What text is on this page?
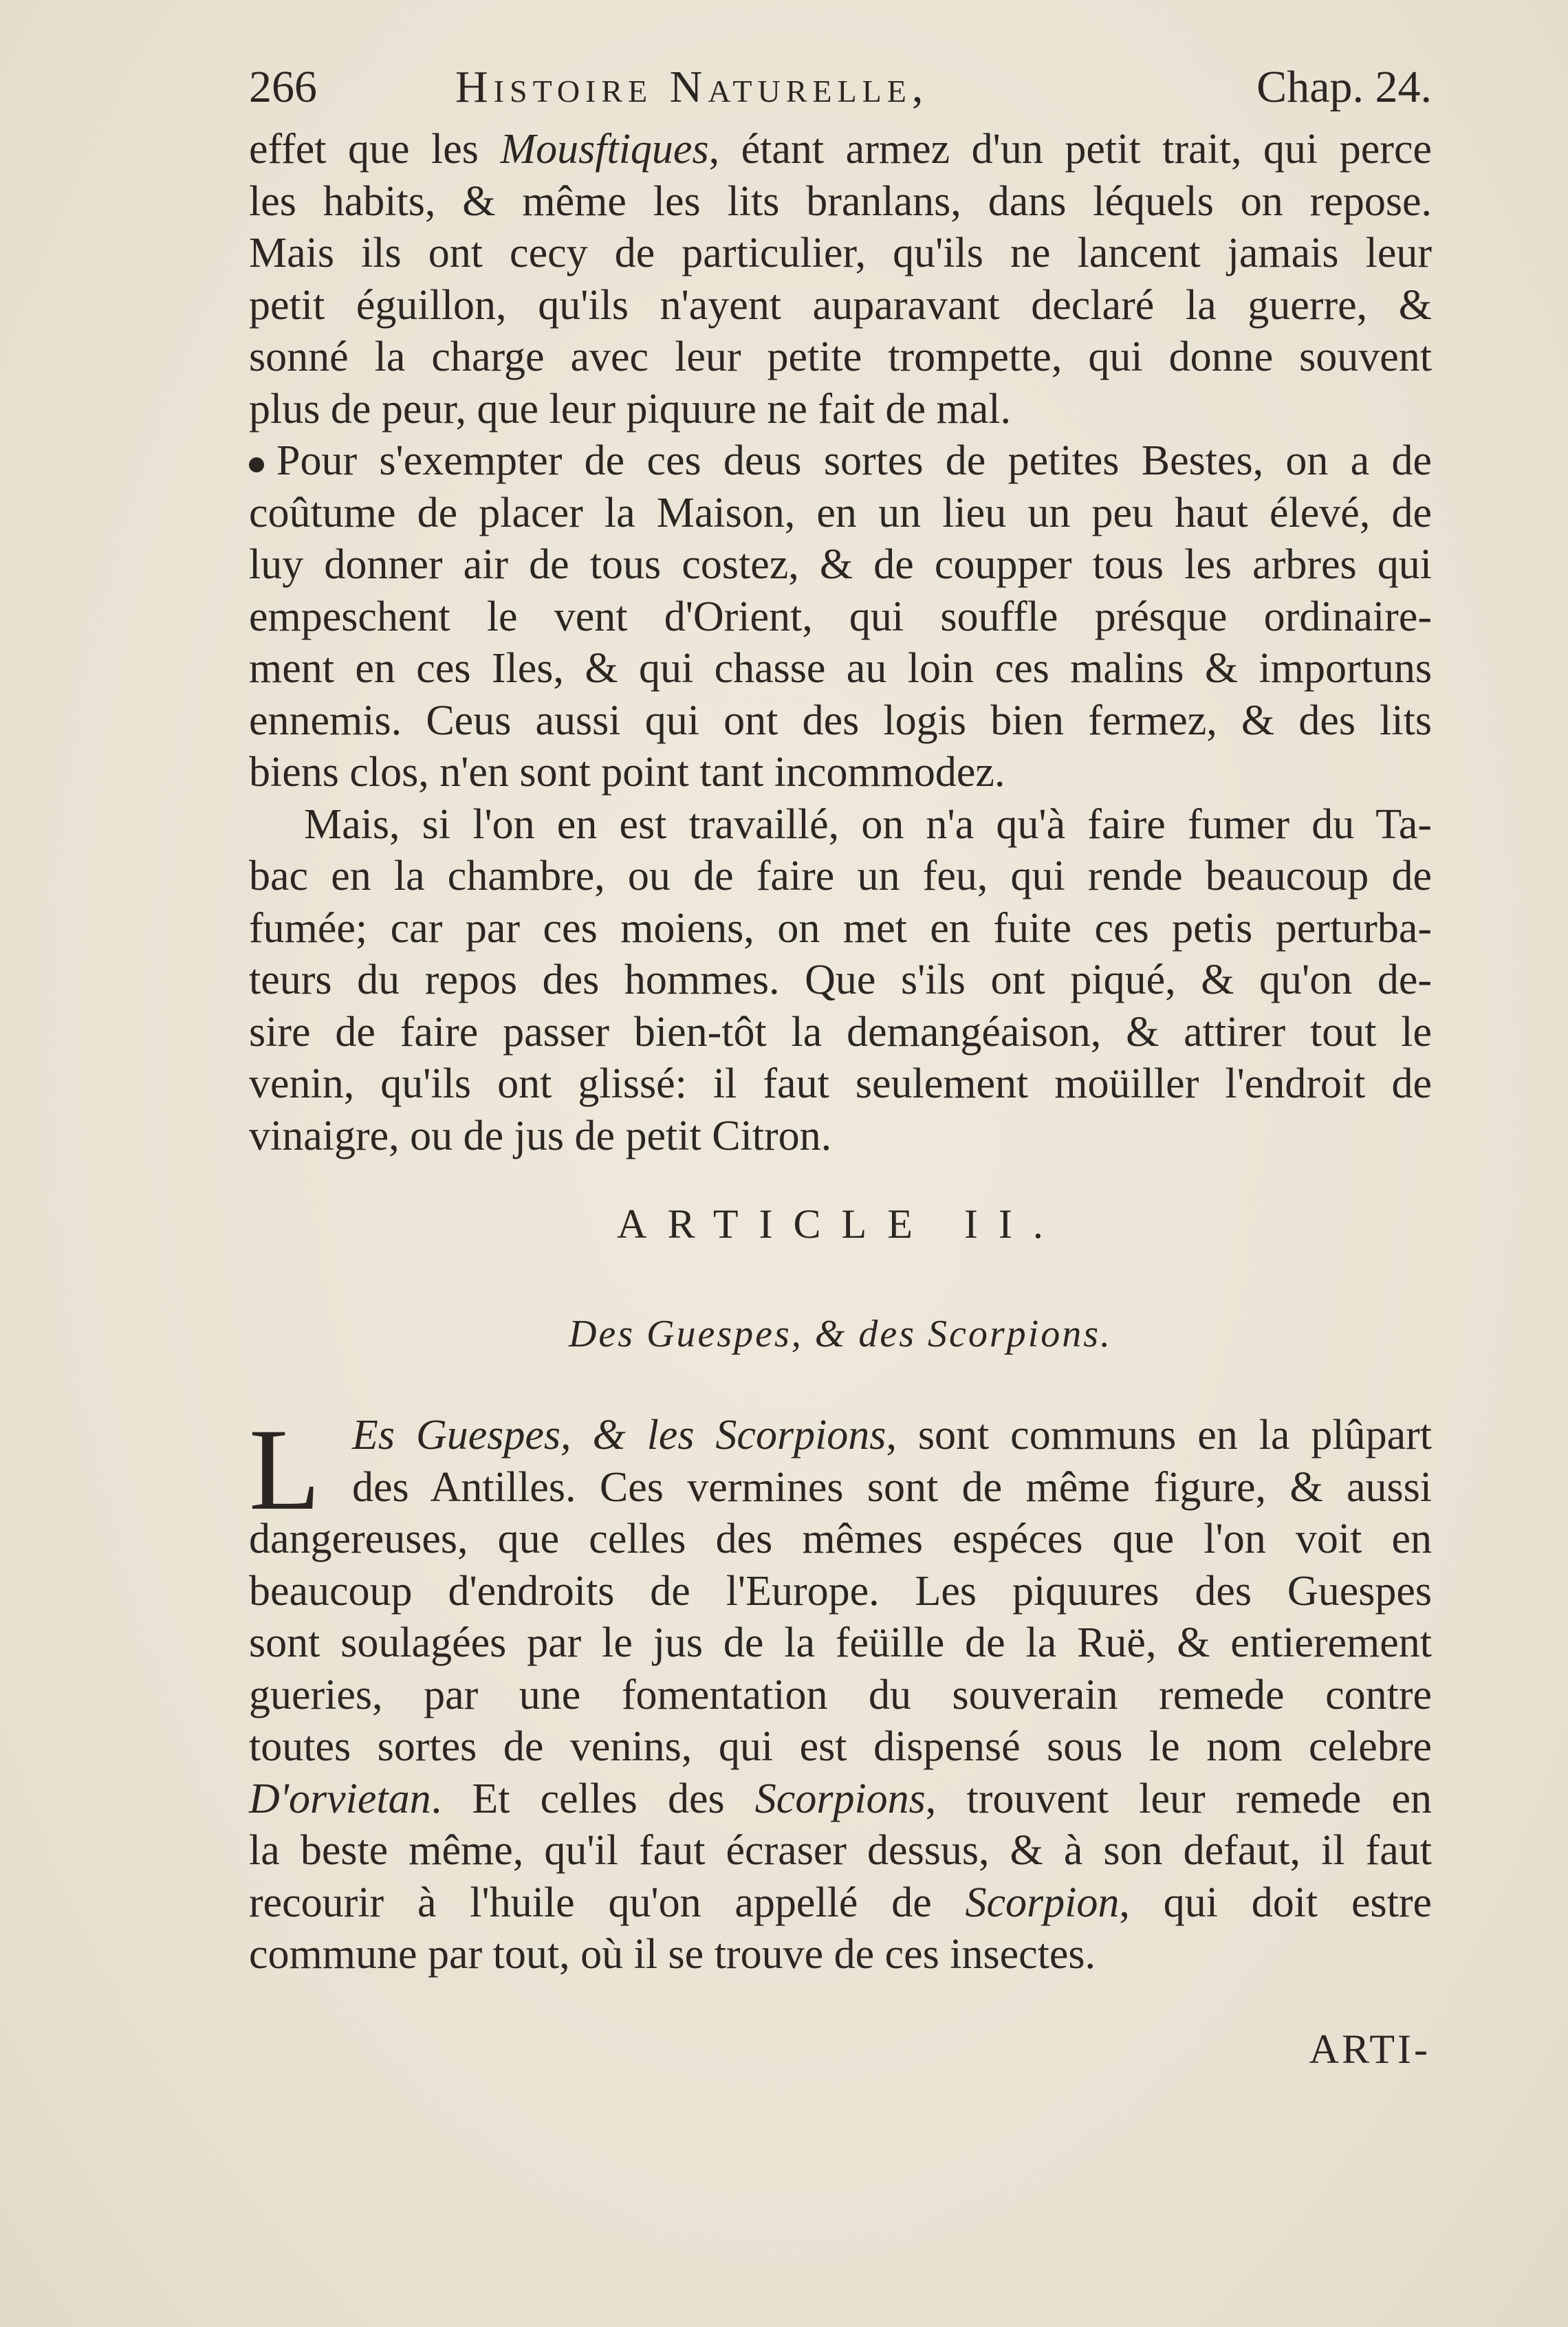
266	Histoire Naturelle,	Chap. 24.
effet que les Mousftiques, étant armez d'un petit trait, qui perce
les habits, & même les lits branlans, dans léquels on repose.
Mais ils ont cecy de particulier, qu'ils ne lancent jamais leur
petit éguillon, qu'ils n'ayent auparavant declaré la guerre, &
sonné la charge avec leur petite trompette, qui donne souvent
plus de peur, que leur piquure ne fait de mal.
Pour s'exempter de ces deus sortes de petites Bestes, on a de
coûtume de placer la Maison, en un lieu un peu haut élevé, de
luy donner air de tous costez, & de coupper tous les arbres qui
empeschent le vent d'Orient, qui souffle présque ordinaire-
ment en ces Iles, & qui chasse au loin ces malins & importuns
ennemis. Ceus aussi qui ont des logis bien fermez, & des lits
biens clos, n'en sont point tant incommodez.
Mais, si l'on en est travaillé, on n'a qu'à faire fumer du Ta-
bac en la chambre, ou de faire un feu, qui rende beaucoup de
fumée; car par ces moiens, on met en fuite ces petis perturba-
teurs du repos des hommes. Que s'ils ont piqué, & qu'on de-
sire de faire passer bien-tôt la demangéaison, & attirer tout le
venin, qu'ils ont glissé: il faut seulement moüiller l'endroit de
vinaigre, ou de jus de petit Citron.
ARTICLE II.
Des Guespes, & des Scorpions.
L Es Guespes, & les Scorpions, sont communs en la plûpart
des Antilles. Ces vermines sont de même figure, & aussi
dangereuses, que celles des mêmes espéces que l'on voit en
beaucoup d'endroits de l'Europe. Les piquures des Guespes
sont soulagées par le jus de la feüille de la Ruë, & entierement
gueries, par une fomentation du souverain remede contre
toutes sortes de venins, qui est dispensé sous le nom celebre
D'orvietan. Et celles des Scorpions, trouvent leur remede en
la beste même, qu'il faut écraser dessus, & à son defaut, il faut
recourir à l'huile qu'on appellé de Scorpion, qui doit estre
commune par tout, où il se trouve de ces insectes.
ARTI-
